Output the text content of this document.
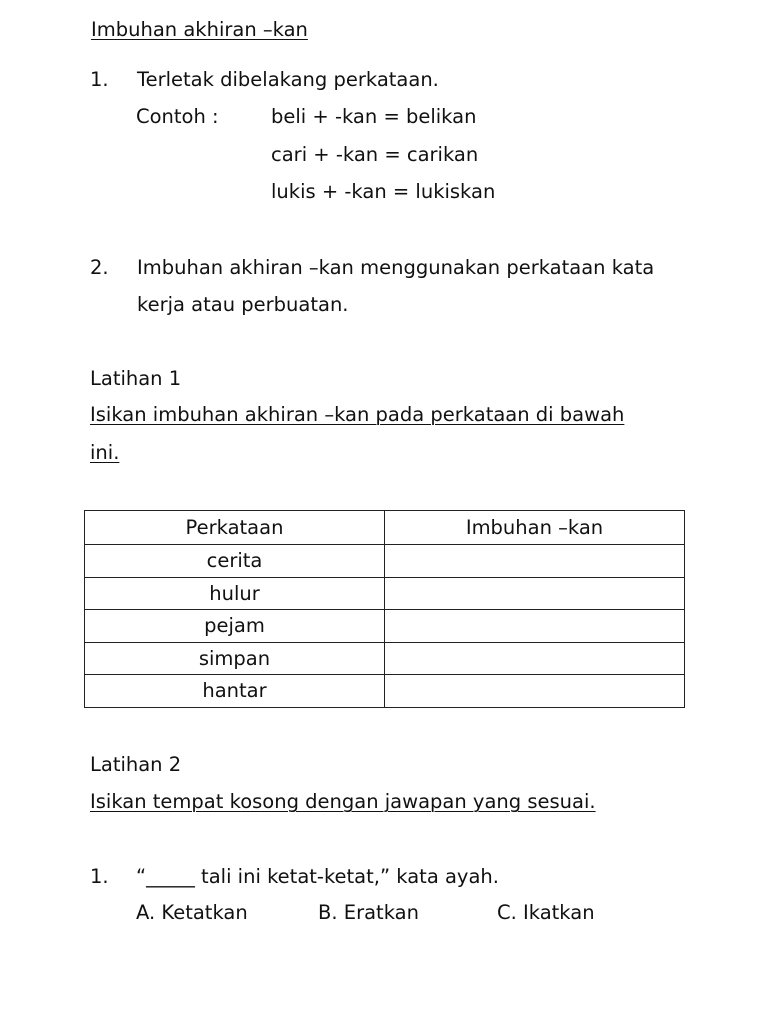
Imbuhan akhiran –kan
1. Terletak dibelakang perkataan.
Contoh :	beli + -kan = belikan
cari + -kan = carikan
lukis + -kan = lukiskan
2. Imbuhan akhiran –kan menggunakan perkataan kata
kerja atau perbuatan.
Latihan 1
Isikan imbuhan akhiran –kan pada perkataan di bawah
ini.
Perkataan	Imbuhan –kan
cerita	
hulur	
pejam	
simpan	
hantar	
Latihan 2
Isikan tempat kosong dengan jawapan yang sesuai.
1. “_____ tali ini ketat-ketat,” kata ayah.
A. Ketatkan	B. Eratkan	C. Ikatkan
